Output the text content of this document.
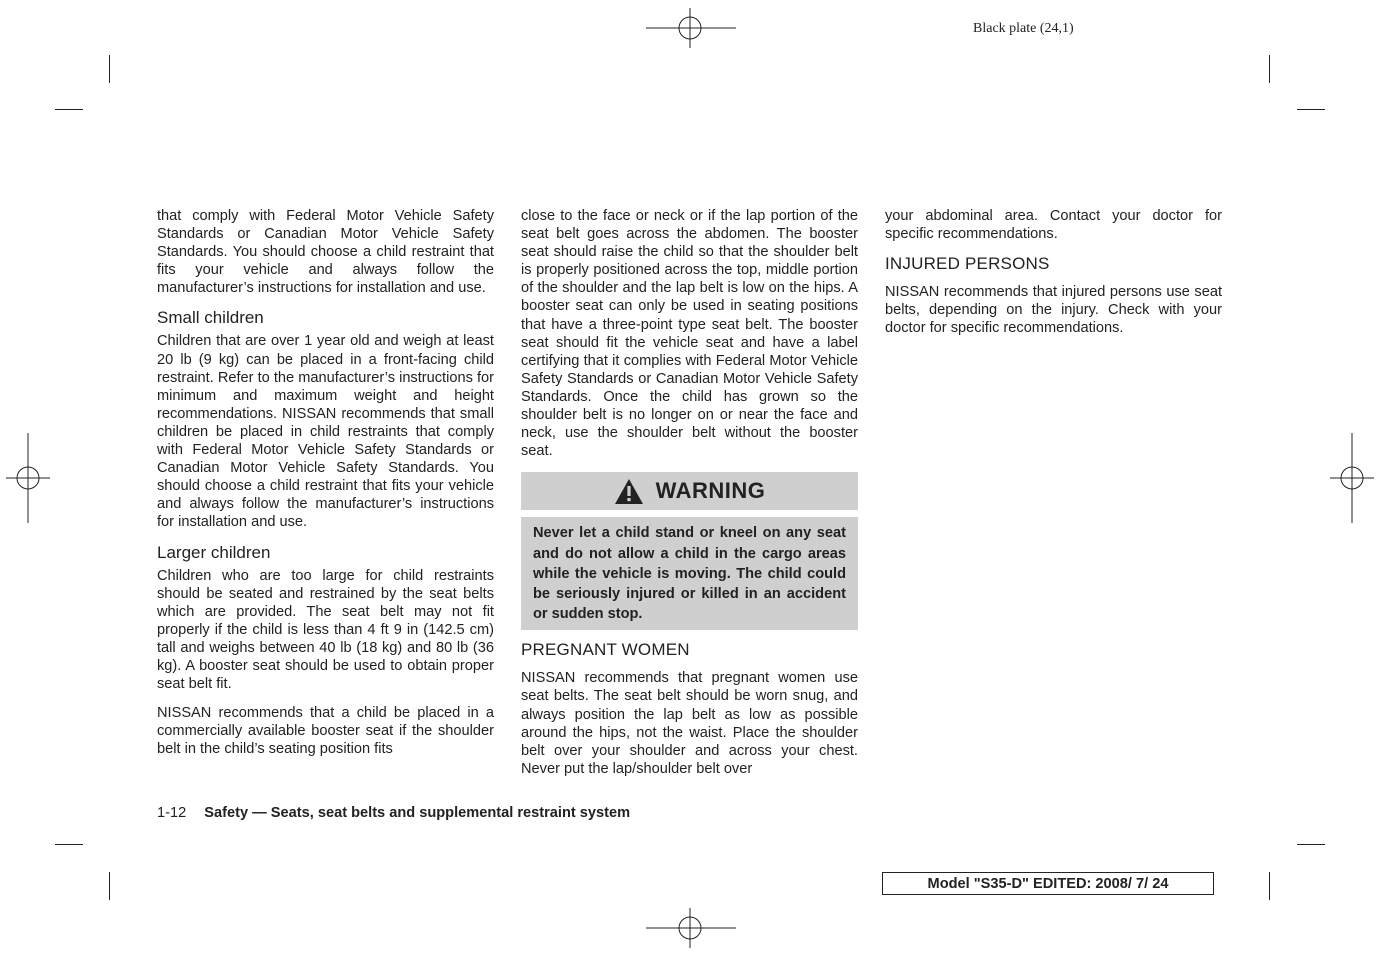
Black plate (24,1)

that comply with Federal Motor Vehicle Safety Standards or Canadian Motor Vehicle Safety Standards. You should choose a child restraint that fits your vehicle and always follow the manufacturer’s instructions for installation and use.

Small children

Children that are over 1 year old and weigh at least 20 lb (9 kg) can be placed in a front-facing child restraint. Refer to the manufacturer’s instructions for minimum and maximum weight and height recommendations. NISSAN recommends that small children be placed in child restraints that comply with Federal Motor Vehicle Safety Standards or Canadian Motor Vehicle Safety Standards. You should choose a child restraint that fits your vehicle and always follow the manufacturer’s instructions for installation and use.

Larger children

Children who are too large for child restraints should be seated and restrained by the seat belts which are provided. The seat belt may not fit properly if the child is less than 4 ft 9 in (142.5 cm) tall and weighs between 40 lb (18 kg) and 80 lb (36 kg). A booster seat should be used to obtain proper seat belt fit.

NISSAN recommends that a child be placed in a commercially available booster seat if the shoulder belt in the child’s seating position fits

close to the face or neck or if the lap portion of the seat belt goes across the abdomen. The booster seat should raise the child so that the shoulder belt is properly positioned across the top, middle portion of the shoulder and the lap belt is low on the hips. A booster seat can only be used in seating positions that have a three-point type seat belt. The booster seat should fit the vehicle seat and have a label certifying that it complies with Federal Motor Vehicle Safety Standards or Canadian Motor Vehicle Safety Standards. Once the child has grown so the shoulder belt is no longer on or near the face and neck, use the shoulder belt without the booster seat.

WARNING
Never let a child stand or kneel on any seat and do not allow a child in the cargo areas while the vehicle is moving. The child could be seriously injured or killed in an accident or sudden stop.
PREGNANT WOMEN

NISSAN recommends that pregnant women use seat belts. The seat belt should be worn snug, and always position the lap belt as low as possible around the hips, not the waist. Place the shoulder belt over your shoulder and across your chest. Never put the lap/shoulder belt over

your abdominal area. Contact your doctor for specific recommendations.

INJURED PERSONS

NISSAN recommends that injured persons use seat belts, depending on the injury. Check with your doctor for specific recommendations.

1-12 Safety — Seats, seat belts and supplemental restraint system
Model "S35-D" EDITED: 2008/ 7/ 24
